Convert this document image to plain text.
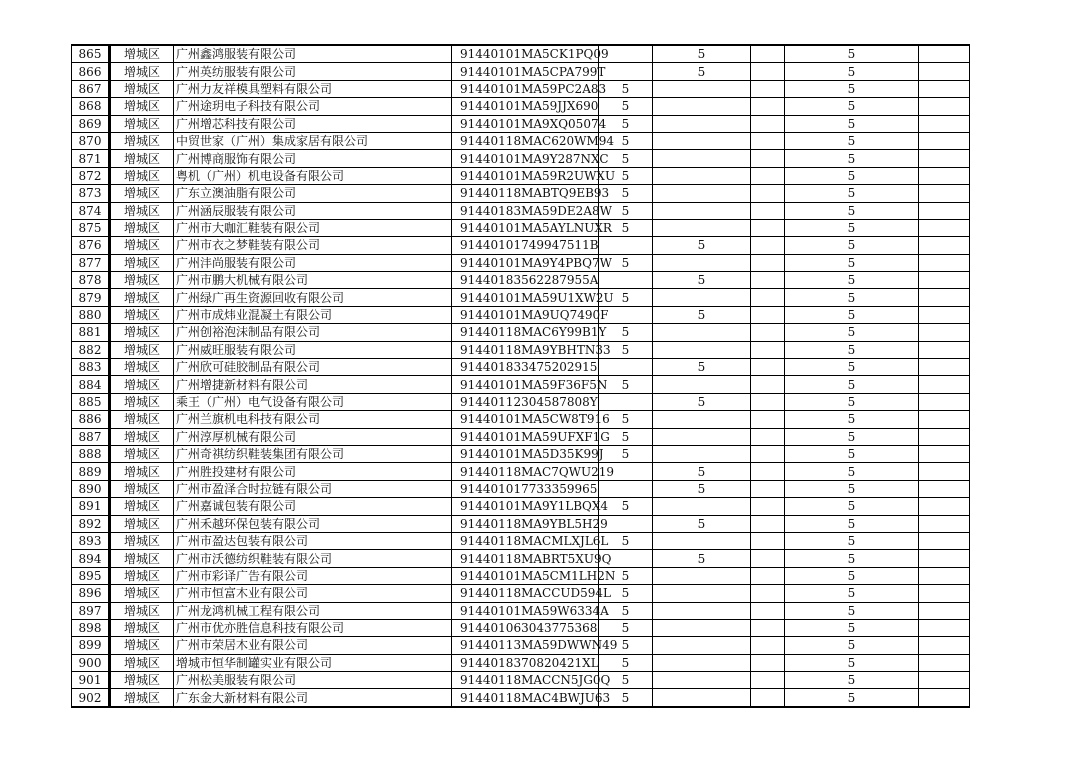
865	增城区	广州鑫鸿服装有限公司	91440101MA5CK1PQ09		5		5	
866	增城区	广州英纺服装有限公司	91440101MA5CPA799T		5		5	
867	增城区	广州力友祥模具塑料有限公司	91440101MA59PC2A83	5			5	
868	增城区	广州途玥电子科技有限公司	91440101MA59JJX690	5			5	
869	增城区	广州增芯科技有限公司	91440101MA9XQ05074	5			5	
870	增城区	中贸世家（广州）集成家居有限公司	91440118MAC620WM94	5			5	
871	增城区	广州博商服饰有限公司	91440101MA9Y287NXC	5			5	
872	增城区	粤机（广州）机电设备有限公司	91440101MA59R2UWXU	5			5	
873	增城区	广东立澳油脂有限公司	91440118MABTQ9EB93	5			5	
874	增城区	广州涵辰服装有限公司	91440183MA59DE2A8W	5			5	
875	增城区	广州市大咖汇鞋装有限公司	91440101MA5AYLNUXR	5			5	
876	增城区	广州市衣之梦鞋装有限公司	91440101749947511B		5		5	
877	增城区	广州沣尚服装有限公司	91440101MA9Y4PBQ7W	5			5	
878	增城区	广州市鹏大机械有限公司	91440183562287955A		5		5	
879	增城区	广州绿广再生资源回收有限公司	91440101MA59U1XW2U	5			5	
880	增城区	广州市成炜业混凝土有限公司	91440101MA9UQ7490F		5		5	
881	增城区	广州创裕泡沫制品有限公司	91440118MAC6Y99B1Y	5			5	
882	增城区	广州威旺服装有限公司	91440118MA9YBHTN33	5			5	
883	增城区	广州欣可硅胶制品有限公司	914401833475202915		5		5	
884	增城区	广州增捷新材料有限公司	91440101MA59F36F5N	5			5	
885	增城区	乘王（广州）电气设备有限公司	91440112304587808Y		5		5	
886	增城区	广州兰旗机电科技有限公司	91440101MA5CW8T916	5			5	
887	增城区	广州淳厚机械有限公司	91440101MA59UFXF1G	5			5	
888	增城区	广州奇祺纺织鞋装集团有限公司	91440101MA5D35K99J	5			5	
889	增城区	广州胜投建材有限公司	91440118MAC7QWU219		5		5	
890	增城区	广州市盈泽合时拉链有限公司	914401017733359965		5		5	
891	增城区	广州嘉诚包装有限公司	91440101MA9Y1LBQX4	5			5	
892	增城区	广州禾越环保包装有限公司	91440118MA9YBL5H29		5		5	
893	增城区	广州市盈达包装有限公司	91440118MACMLXJL6L	5			5	
894	增城区	广州市沃德纺织鞋装有限公司	91440118MABRT5XU9Q		5		5	
895	增城区	广州市彩译广告有限公司	91440101MA5CM1LH2N	5			5	
896	增城区	广州市恒富木业有限公司	91440118MACCUD594L	5			5	
897	增城区	广州龙鸿机械工程有限公司	91440101MA59W6334A	5			5	
898	增城区	广州市优亦胜信息科技有限公司	914401063043775368	5			5	
899	增城区	广州市荣居木业有限公司	91440113MA59DWWN49	5			5	
900	增城区	增城市恒华制罐实业有限公司	9144018370820421XL	5			5	
901	增城区	广州松美服装有限公司	91440118MACCN5JG0Q	5			5	
902	增城区	广东金大新材料有限公司	91440118MAC4BWJU63	5			5	
